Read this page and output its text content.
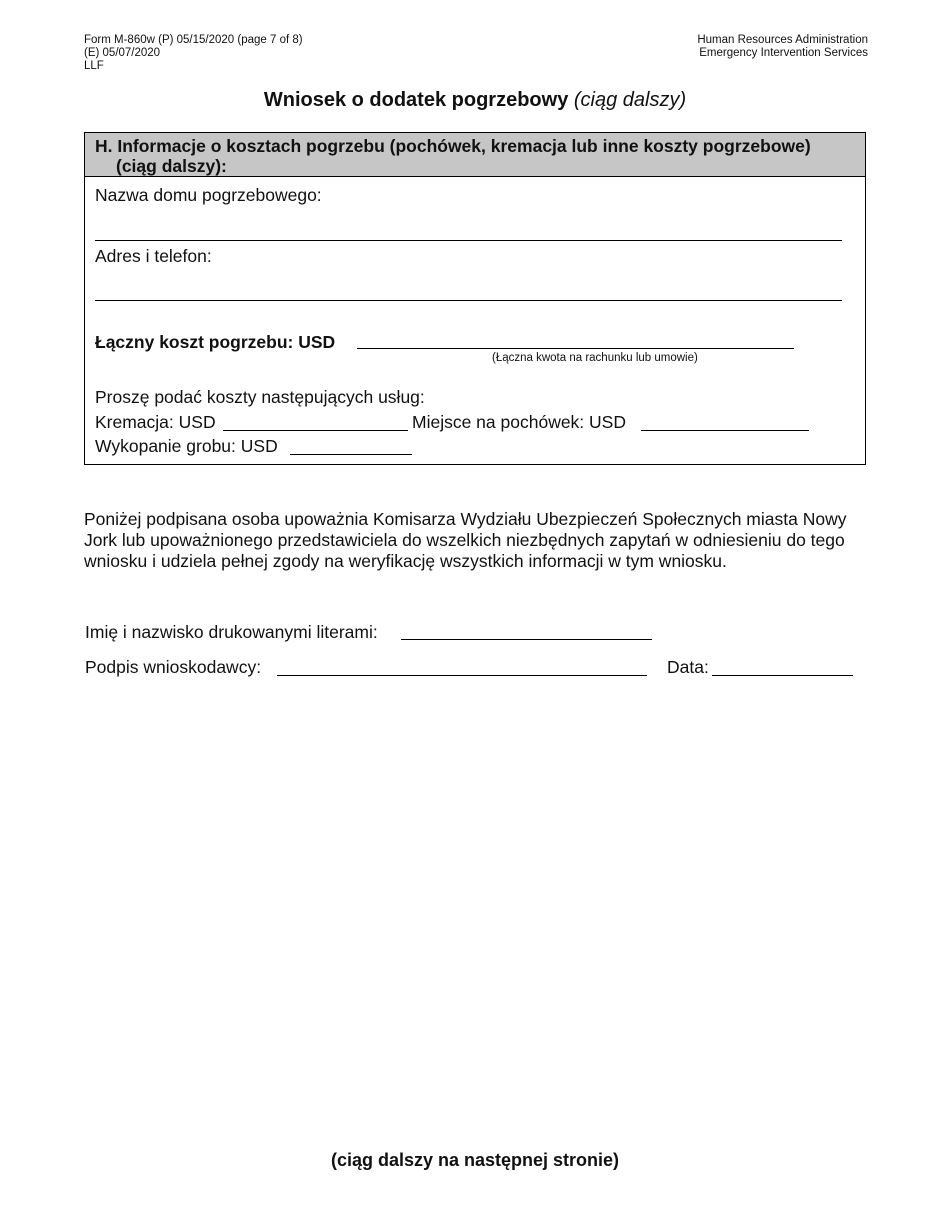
Form M-860w (P) 05/15/2020 (page 7 of 8)
(E) 05/07/2020
LLF
Human Resources Administration
Emergency Intervention Services
Wniosek o dodatek pogrzebowy (ciąg dalszy)
H. Informacje o kosztach pogrzebu (pochówek, kremacja lub inne koszty pogrzebowe)
(ciąg dalszy):
Nazwa domu pogrzebowego:
Adres i telefon:
Łączny koszt pogrzebu: USD
(Łączna kwota na rachunku lub umowie)
Proszę podać koszty następujących usług:
Kremacja: USD	Miejsce na pochówek: USD
Wykopanie grobu: USD
Poniżej podpisana osoba upoważnia Komisarza Wydziału Ubezpieczeń Społecznych miasta Nowy Jork lub upoważnionego przedstawiciela do wszelkich niezbędnych zapytań w odniesieniu do tego wniosku i udziela pełnej zgody na weryfikację wszystkich informacji w tym wniosku.
Imię i nazwisko drukowanymi literami:
Podpis wnioskodawcy:	Data:
(ciąg dalszy na następnej stronie)
